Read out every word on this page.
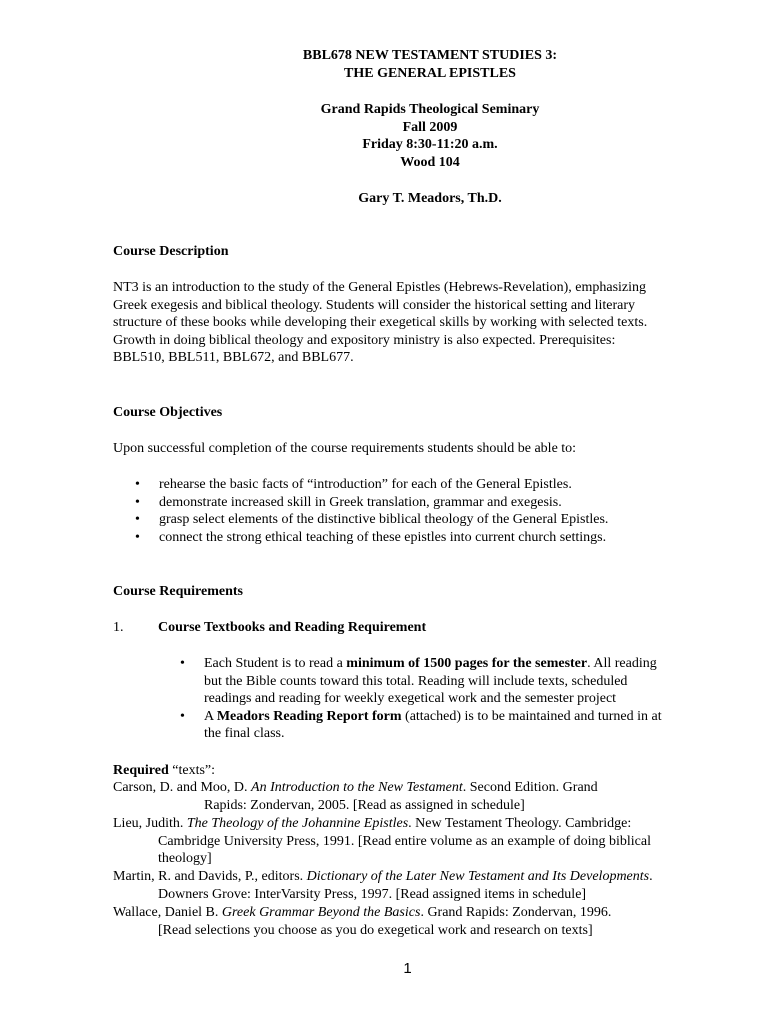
BBL678 NEW TESTAMENT STUDIES 3:
THE GENERAL EPISTLES
Grand Rapids Theological Seminary
Fall 2009
Friday 8:30-11:20 a.m.
Wood 104
Gary T. Meadors, Th.D.
Course Description
NT3 is an introduction to the study of the General Epistles (Hebrews-Revelation), emphasizing
Greek exegesis and biblical theology. Students will consider the historical setting and literary
structure of these books while developing their exegetical skills by working with selected texts.
Growth in doing biblical theology and expository ministry is also expected. Prerequisites:
BBL510, BBL511, BBL672, and BBL677.
Course Objectives
Upon successful completion of the course requirements students should be able to:
• rehearse the basic facts of “introduction” for each of the General Epistles.
• demonstrate increased skill in Greek translation, grammar and exegesis.
• grasp select elements of the distinctive biblical theology of the General Epistles.
• connect the strong ethical teaching of these epistles into current church settings.
Course Requirements
1. Course Textbooks and Reading Requirement
• Each Student is to read a minimum of 1500 pages for the semester. All reading
but the Bible counts toward this total. Reading will include texts, scheduled
readings and reading for weekly exegetical work and the semester project
• A Meadors Reading Report form (attached) is to be maintained and turned in at
the final class.
Required “texts”:
Carson, D. and Moo, D. An Introduction to the New Testament. Second Edition. Grand
Rapids: Zondervan, 2005. [Read as assigned in schedule]
Lieu, Judith. The Theology of the Johannine Epistles. New Testament Theology. Cambridge:
Cambridge University Press, 1991. [Read entire volume as an example of doing biblical
theology]
Martin, R. and Davids, P., editors. Dictionary of the Later New Testament and Its Developments.
Downers Grove: InterVarsity Press, 1997. [Read assigned items in schedule]
Wallace, Daniel B. Greek Grammar Beyond the Basics. Grand Rapids: Zondervan, 1996.
[Read selections you choose as you do exegetical work and research on texts]
1
